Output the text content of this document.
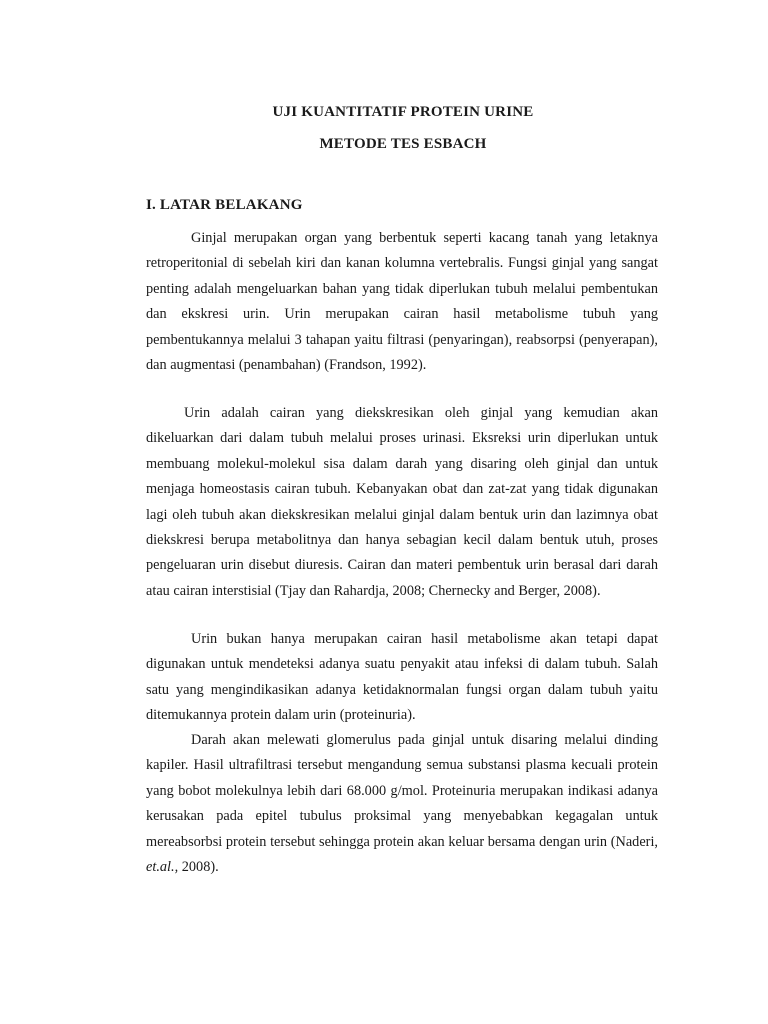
UJI KUANTITATIF PROTEIN URINE
METODE TES ESBACH
I. LATAR BELAKANG

Ginjal merupakan organ yang berbentuk seperti kacang tanah yang letaknya retroperitonial di sebelah kiri dan kanan kolumna vertebralis. Fungsi ginjal yang sangat penting adalah mengeluarkan bahan yang tidak diperlukan tubuh melalui pembentukan dan ekskresi urin. Urin merupakan cairan hasil metabolisme tubuh yang pembentukannya melalui 3 tahapan yaitu filtrasi (penyaringan), reabsorpsi (penyerapan), dan augmentasi (penambahan) (Frandson, 1992).

Urin adalah cairan yang diekskresikan oleh ginjal yang kemudian akan dikeluarkan dari dalam tubuh melalui proses urinasi. Eksreksi urin diperlukan untuk membuang molekul-molekul sisa dalam darah yang disaring oleh ginjal dan untuk menjaga homeostasis cairan tubuh. Kebanyakan obat dan zat-zat yang tidak digunakan lagi oleh tubuh akan diekskresikan melalui ginjal dalam bentuk urin dan lazimnya obat diekskresi berupa metabolitnya dan hanya sebagian kecil dalam bentuk utuh, proses pengeluaran urin disebut diuresis. Cairan dan materi pembentuk urin berasal dari darah atau cairan interstisial (Tjay dan Rahardja, 2008; Chernecky and Berger, 2008).

Urin bukan hanya merupakan cairan hasil metabolisme akan tetapi dapat digunakan untuk mendeteksi adanya suatu penyakit atau infeksi di dalam tubuh. Salah satu yang mengindikasikan adanya ketidaknormalan fungsi organ dalam tubuh yaitu ditemukannya protein dalam urin (proteinuria).

Darah akan melewati glomerulus pada ginjal untuk disaring melalui dinding kapiler. Hasil ultrafiltrasi tersebut mengandung semua substansi plasma kecuali protein yang bobot molekulnya lebih dari 68.000 g/mol. Proteinuria merupakan indikasi adanya kerusakan pada epitel tubulus proksimal yang menyebabkan kegagalan untuk mereabsorbsi protein tersebut sehingga protein akan keluar bersama dengan urin (Naderi, et.al., 2008).
